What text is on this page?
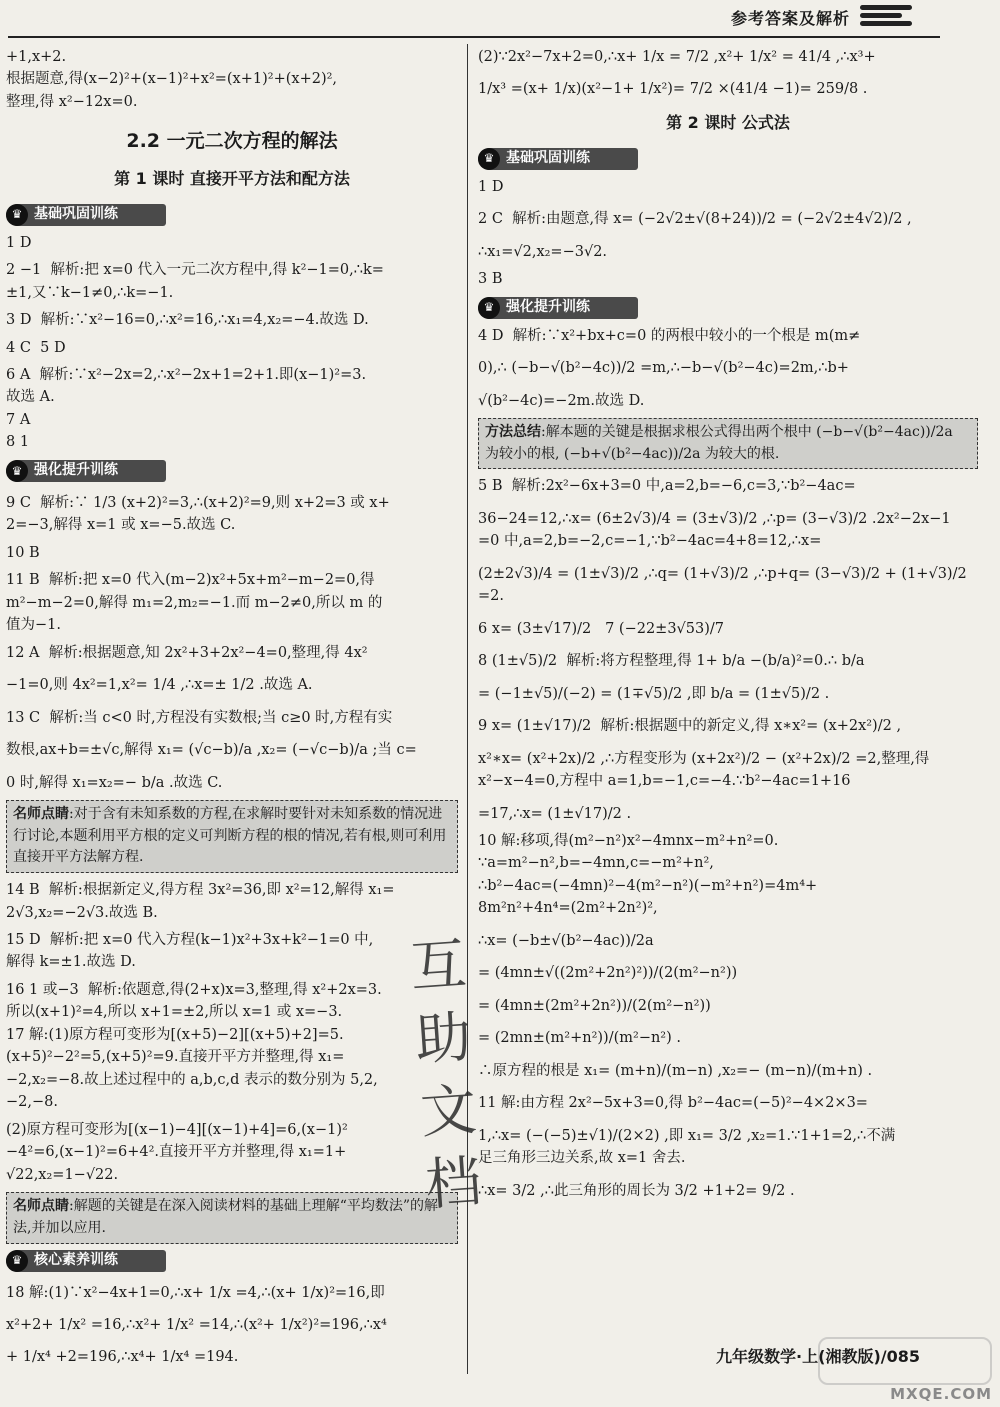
参考答案及解析
+1,x+2.
根据题意,得(x−2)²+(x−1)²+x²=(x+1)²+(x+2)²,
整理,得 x²−12x=0.
2.2 一元二次方程的解法
第 1 课时 直接开平方法和配方法
♛ 基础巩固训练
1 D
2 −1  解析:把 x=0 代入一元二次方程中,得 k²−1=0,∴k=
±1,又∵k−1≠0,∴k=−1.
3 D  解析:∵x²−16=0,∴x²=16,∴x₁=4,x₂=−4.故选 D.
4 C  5 D
6 A  解析:∵x²−2x=2,∴x²−2x+1=2+1.即(x−1)²=3.
故选 A.
7 A
8 1
♛ 强化提升训练
9 C  解析:∵ 1/3 (x+2)²=3,∴(x+2)²=9,则 x+2=3 或 x+
2=−3,解得 x=1 或 x=−5.故选 C.
10 B
11 B  解析:把 x=0 代入(m−2)x²+5x+m²−m−2=0,得
m²−m−2=0,解得 m₁=2,m₂=−1.而 m−2≠0,所以 m 的
值为−1.
12 A  解析:根据题意,知 2x²+3+2x²−4=0,整理,得 4x²
−1=0,则 4x²=1,x²= 1/4 ,∴x=± 1/2 .故选 A.
13 C  解析:当 c<0 时,方程没有实数根;当 c≥0 时,方程有实
数根,ax+b=±√c,解得 x₁= (√c−b)/a ,x₂= (−√c−b)/a ;当 c=
0 时,解得 x₁=x₂=− b/a .故选 C.
名师点睛:对于含有未知系数的方程,在求解时要针对未知系数的情况进行讨论,本题利用平方根的定义可判断方程的根的情况,若有根,则可利用直接开平方法解方程.
14 B  解析:根据新定义,得方程 3x²=36,即 x²=12,解得 x₁=
2√3,x₂=−2√3.故选 B.
15 D  解析:把 x=0 代入方程(k−1)x²+3x+k²−1=0 中,
解得 k=±1.故选 D.
16 1 或−3  解析:依题意,得(2+x)x=3,整理,得 x²+2x=3.
所以(x+1)²=4,所以 x+1=±2,所以 x=1 或 x=−3.
17 解:(1)原方程可变形为[(x+5)−2][(x+5)+2]=5.
(x+5)²−2²=5,(x+5)²=9.直接开平方并整理,得 x₁=
−2,x₂=−8.故上述过程中的 a,b,c,d 表示的数分别为 5,2,
−2,−8.
(2)原方程可变形为[(x−1)−4][(x−1)+4]=6,(x−1)²
−4²=6,(x−1)²=6+4².直接开平方并整理,得 x₁=1+
√22,x₂=1−√22.
名师点睛:解题的关键是在深入阅读材料的基础上理解“平均数法”的解法,并加以应用.
♛ 核心素养训练
18 解:(1)∵x²−4x+1=0,∴x+ 1/x =4,∴(x+ 1/x)²=16,即
x²+2+ 1/x² =16,∴x²+ 1/x² =14,∴(x²+ 1/x²)²=196,∴x⁴
+ 1/x⁴ +2=196,∴x⁴+ 1/x⁴ =194.
(2)∵2x²−7x+2=0,∴x+ 1/x = 7/2 ,x²+ 1/x² = 41/4 ,∴x³+
1/x³ =(x+ 1/x)(x²−1+ 1/x²)= 7/2 ×(41/4 −1)= 259/8 .
第 2 课时 公式法
♛ 基础巩固训练
1 D
2 C  解析:由题意,得 x= (−2√2±√(8+24))/2 = (−2√2±4√2)/2 ,
∴x₁=√2,x₂=−3√2.
3 B
♛ 强化提升训练
4 D  解析:∵x²+bx+c=0 的两根中较小的一个根是 m(m≠
0),∴ (−b−√(b²−4c))/2 =m,∴−b−√(b²−4c)=2m,∴b+
√(b²−4c)=−2m.故选 D.
方法总结:解本题的关键是根据求根公式得出两个根中 (−b−√(b²−4ac))/2a 为较小的根, (−b+√(b²−4ac))/2a 为较大的根.
5 B  解析:2x²−6x+3=0 中,a=2,b=−6,c=3,∵b²−4ac=
36−24=12,∴x= (6±2√3)/4 = (3±√3)/2 ,∴p= (3−√3)/2 .2x²−2x−1
=0 中,a=2,b=−2,c=−1,∵b²−4ac=4+8=12,∴x=
(2±2√3)/4 = (1±√3)/2 ,∴q= (1+√3)/2 ,∴p+q= (3−√3)/2 + (1+√3)/2 =2.
6 x= (3±√17)/2   7 (−22±3√53)/7
8 (1±√5)/2  解析:将方程整理,得 1+ b/a −(b/a)²=0.∴ b/a
= (−1±√5)/(−2) = (1∓√5)/2 ,即 b/a = (1±√5)/2 .
9 x= (1±√17)/2  解析:根据题中的新定义,得 x∗x²= (x+2x²)/2 ,
x²∗x= (x²+2x)/2 ,∴方程变形为 (x+2x²)/2 − (x²+2x)/2 =2,整理,得
x²−x−4=0,方程中 a=1,b=−1,c=−4.∵b²−4ac=1+16
=17,∴x= (1±√17)/2 .
10 解:移项,得(m²−n²)x²−4mnx−m²+n²=0.
∵a=m²−n²,b=−4mn,c=−m²+n²,
∴b²−4ac=(−4mn)²−4(m²−n²)(−m²+n²)=4m⁴+
8m²n²+4n⁴=(2m²+2n²)²,
∴x= (−b±√(b²−4ac))/2a
= (4mn±√((2m²+2n²)²))/(2(m²−n²))
= (4mn±(2m²+2n²))/(2(m²−n²))
= (2mn±(m²+n²))/(m²−n²) .
∴原方程的根是 x₁= (m+n)/(m−n) ,x₂=− (m−n)/(m+n) .
11 解:由方程 2x²−5x+3=0,得 b²−4ac=(−5)²−4×2×3=
1,∴x= (−(−5)±√1)/(2×2) ,即 x₁= 3/2 ,x₂=1.∵1+1=2,∴不满
足三角形三边关系,故 x=1 舍去.
∴x= 3/2 ,∴此三角形的周长为 3/2 +1+2= 9/2 .
互助文档
MXQE.COM
九年级数学·上(湘教版)/085
